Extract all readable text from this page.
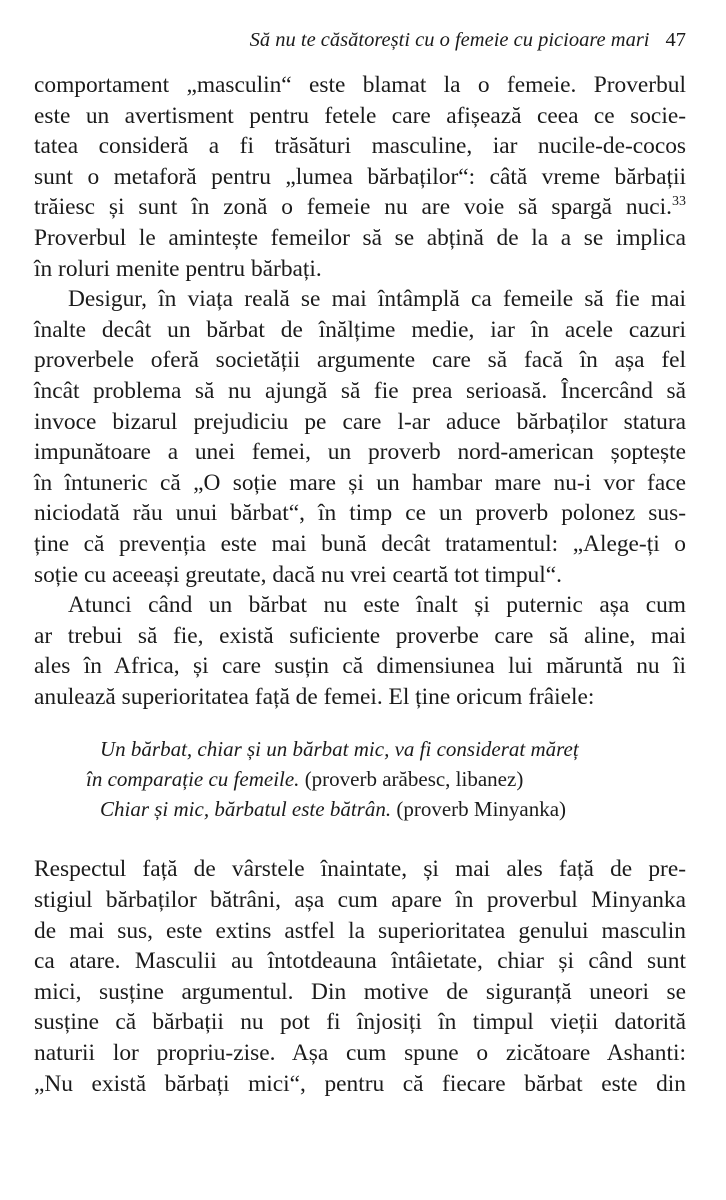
Să nu te căsătorești cu o femeie cu picioare mari 47

comportament „masculin“ este blamat la o femeie. Proverbul
este un avertisment pentru fetele care afișează ceea ce socie-
tatea consideră a fi trăsături masculine, iar nucile-de-cocos
sunt o metaforă pentru „lumea bărbaților“: câtă vreme bărbații
trăiesc și sunt în zonă o femeie nu are voie să spargă nuci.$^{33}$
Proverbul le amintește femeilor să se abțină de la a se implica
în roluri menite pentru bărbați.

Desigur, în viața reală se mai întâmplă ca femeile să fie mai
înalte decât un bărbat de înălțime medie, iar în acele cazuri
proverbele oferă societății argumente care să facă în așa fel
încât problema să nu ajungă să fie prea serioasă. Încercând să
invoce bizarul prejudiciu pe care l-ar aduce bărbaților statura
impunătoare a unei femei, un proverb nord-american șoptește
în întuneric că „O soție mare și un hambar mare nu-i vor face
niciodată rău unui bărbat“, în timp ce un proverb polonez sus-
ține că prevenția este mai bună decât tratamentul: „Alege-ți o
soție cu aceeași greutate, dacă nu vrei ceartă tot timpul“.

Atunci când un bărbat nu este înalt și puternic așa cum
ar trebui să fie, există suficiente proverbe care să aline, mai
ales în Africa, și care susțin că dimensiunea lui măruntă nu îi
anulează superioritatea față de femei. El ține oricum frâiele:

Un bărbat, chiar și un bărbat mic, va fi considerat măreț
în comparație cu femeile. (proverb arăbesc, libanez)
Chiar și mic, bărbatul este bătrân. (proverb Minyanka)

Respectul față de vârstele înaintate, și mai ales față de pre-
stigiul bărbaților bătrâni, așa cum apare în proverbul Minyanka
de mai sus, este extins astfel la superioritatea genului masculin
ca atare. Masculii au întotdeauna întâietate, chiar și când sunt
mici, susține argumentul. Din motive de siguranță uneori se
susține că bărbații nu pot fi înjosiți în timpul vieții datorită
naturii lor propriu-zise. Așa cum spune o zicătoare Ashanti:
„Nu există bărbați mici“, pentru că fiecare bărbat este din
